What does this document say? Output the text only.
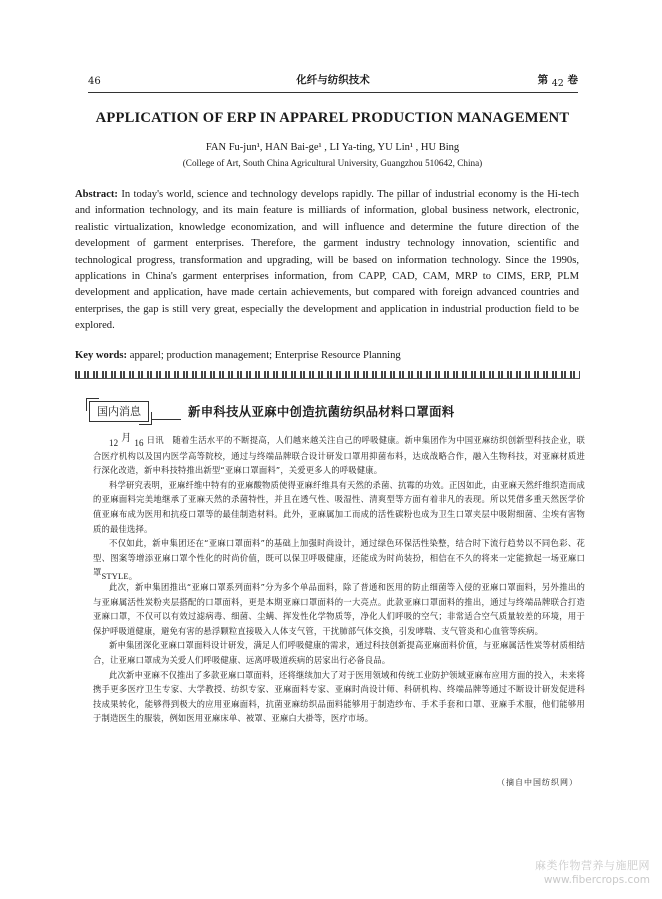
46	化纤与纺织技术	第 42 卷
APPLICATION OF ERP IN APPAREL PRODUCTION MANAGEMENT
FAN Fu-jun¹, HAN Bai-ge¹ , LI Ya-ting, YU Lin¹ , HU Bing
(College of Art, South China Agricultural University, Guangzhou 510642, China)
Abstract: In today's world, science and technology develops rapidly. The pillar of industrial economy is the Hi-tech and information technology, and its main feature is milliards of information, global business network, electronic, realistic virtualization, knowledge economization, and will influence and determine the future direction of the development of garment enterprises. Therefore, the garment industry technology innovation, scientific and technological progress, transformation and upgrading, will be based on information technology. Since the 1990s, applications in China's garment enterprises information, from CAPP, CAD, CAM, MRP to CIMS, ERP, PLM development and application, have made certain achievements, but compared with foreign advanced countries and enterprises, the gap is still very great, especially the development and application in industrial production field to be explored.
Key words: apparel; production management; Enterprise Resource Planning
国内消息	新申科技从亚麻中创造抗菌纺织品材料口罩面料

12 月 16 日讯　随着生活水平的不断提高，人们越来越关注自己的呼吸健康。新申集团作为中国亚麻纺织创新型科技企业，联合医疗机构以及国内医学高等院校，通过与终端品牌联合设计研发口罩用抑菌布料，达成战略合作，融入生物科技，对亚麻材质进行深化改造，新申科技特推出新型“亚麻口罩面料”，关爱更多人的呼吸健康。

科学研究表明，亚麻纤维中特有的亚麻酸物质使得亚麻纤维具有天然的杀菌、抗霉的功效。正因如此，由亚麻天然纤维织造而成的亚麻面料完美地继承了亚麻天然的杀菌特性，并且在透气性、吸湿性、清爽型等方面有着非凡的表现。所以凭借多重天然医学价值亚麻布成为医用和抗疫口罩等的最佳制造材料。此外，亚麻属加工而成的活性碳粉也成为卫生口罩夹层中吸附细菌、尘埃有害物质的最佳选择。

不仅如此，新申集团还在“亚麻口罩面料”的基础上加强时尚设计，通过绿色环保活性染整，结合时下流行趋势以不同色彩、花型、图案等增添亚麻口罩个性化的时尚价值，既可以保卫呼吸健康，还能成为时尚装扮，相信在不久的将来一定能掀起一场亚麻口罩STYLE。

此次，新申集团推出“亚麻口罩系列面料”分为多个单品面料，除了普通和医用的防止细菌等入侵的亚麻口罩面料，另外推出的与亚麻属活性炭粉夹层搭配的口罩面料，更是本期亚麻口罩面料的一大亮点。此款亚麻口罩面料的推出，通过与终端品牌联合打造亚麻口罩，不仅可以有效过滤病毒、细菌、尘螨、挥发性化学物质等，净化人们呼吸的空气；非常适合空气质量较差的环境，用于保护呼吸道健康，避免有害的悬浮颗粒直接吸入人体支气管，干扰肺部气体交换，引发哮喘、支气管炎和心血管等疾病。

新申集团深化亚麻口罩面料设计研发，满足人们呼吸健康的需求，通过科技创新提高亚麻面料价值，与亚麻属活性炭等材质相结合，让亚麻口罩成为关爱人们呼吸健康、远离呼吸道疾病的居家出行必备良品。

此次新申亚麻不仅推出了多款亚麻口罩面料，还将继续加大了对于医用领域和传统工业防护领域亚麻布应用方面的投入，未来将携手更多医疗卫生专家、大学教授、纺织专家、亚麻面料专家、亚麻时尚设计师、科研机构、终端品牌等通过不断设计研发促进科技成果转化，能够得到极大的应用亚麻面料，抗菌亚麻纺织品面料能够用于制造纱布、手术手套和口罩、亚麻手术服，他们能够用于制造医生的服装，例如医用亚麻床单、被罩、亚麻白大褂等，医疗市场。

（摘自中国纺织网）
麻类作物营养与施肥网
www.fibercrops.com
